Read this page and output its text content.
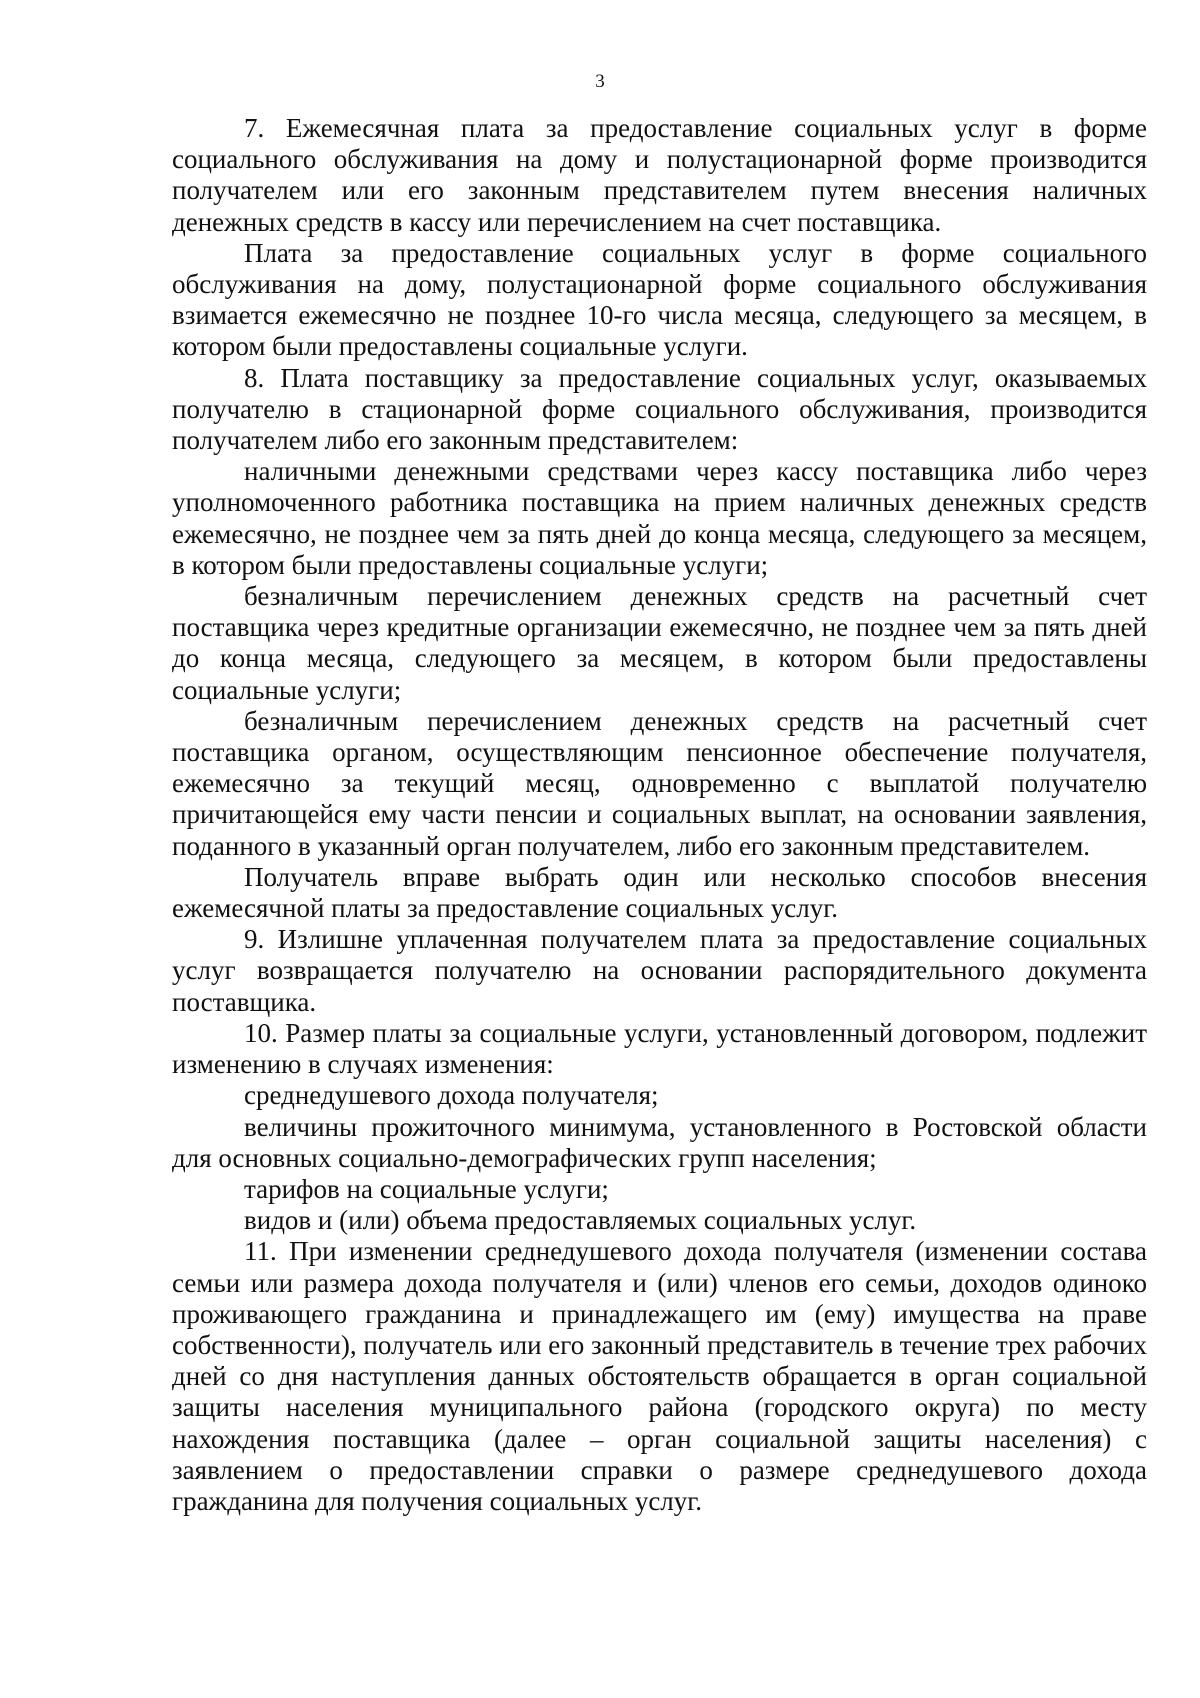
3

7. Ежемесячная плата за предоставление социальных услуг в форме социального обслуживания на дому и полустационарной форме производится получателем или его законным представителем путем внесения наличных денежных средств в кассу или перечислением на счет поставщика.

Плата за предоставление социальных услуг в форме социального обслуживания на дому, полустационарной форме социального обслуживания взимается ежемесячно не позднее 10-го числа месяца, следующего за месяцем, в котором были предоставлены социальные услуги.

8. Плата поставщику за предоставление социальных услуг, оказываемых получателю в стационарной форме социального обслуживания, производится получателем либо его законным представителем:

наличными денежными средствами через кассу поставщика либо через уполномоченного работника поставщика на прием наличных денежных средств ежемесячно, не позднее чем за пять дней до конца месяца, следующего за месяцем, в котором были предоставлены социальные услуги;

безналичным перечислением денежных средств на расчетный счет поставщика через кредитные организации ежемесячно, не позднее чем за пять дней до конца месяца, следующего за месяцем, в котором были предоставлены социальные услуги;

безналичным перечислением денежных средств на расчетный счет поставщика органом, осуществляющим пенсионное обеспечение получателя, ежемесячно за текущий месяц, одновременно с выплатой получателю причитающейся ему части пенсии и социальных выплат, на основании заявления, поданного в указанный орган получателем, либо его законным представителем.

Получатель вправе выбрать один или несколько способов внесения ежемесячной платы за предоставление социальных услуг.

9. Излишне уплаченная получателем плата за предоставление социальных услуг возвращается получателю на основании распорядительного документа поставщика.

10. Размер платы за социальные услуги, установленный договором, подлежит изменению в случаях изменения:

среднедушевого дохода получателя;

величины прожиточного минимума, установленного в Ростовской области для основных социально-демографических групп населения;

тарифов на социальные услуги;

видов и (или) объема предоставляемых социальных услуг.

11. При изменении среднедушевого дохода получателя (изменении состава семьи или размера дохода получателя и (или) членов его семьи, доходов одиноко проживающего гражданина и принадлежащего им (ему) имущества на праве собственности), получатель или его законный представитель в течение трех рабочих дней со дня наступления данных обстоятельств обращается в орган социальной защиты населения муниципального района (городского округа) по месту нахождения поставщика (далее – орган социальной защиты населения) с заявлением о предоставлении справки о размере среднедушевого дохода гражданина для получения социальных услуг.
